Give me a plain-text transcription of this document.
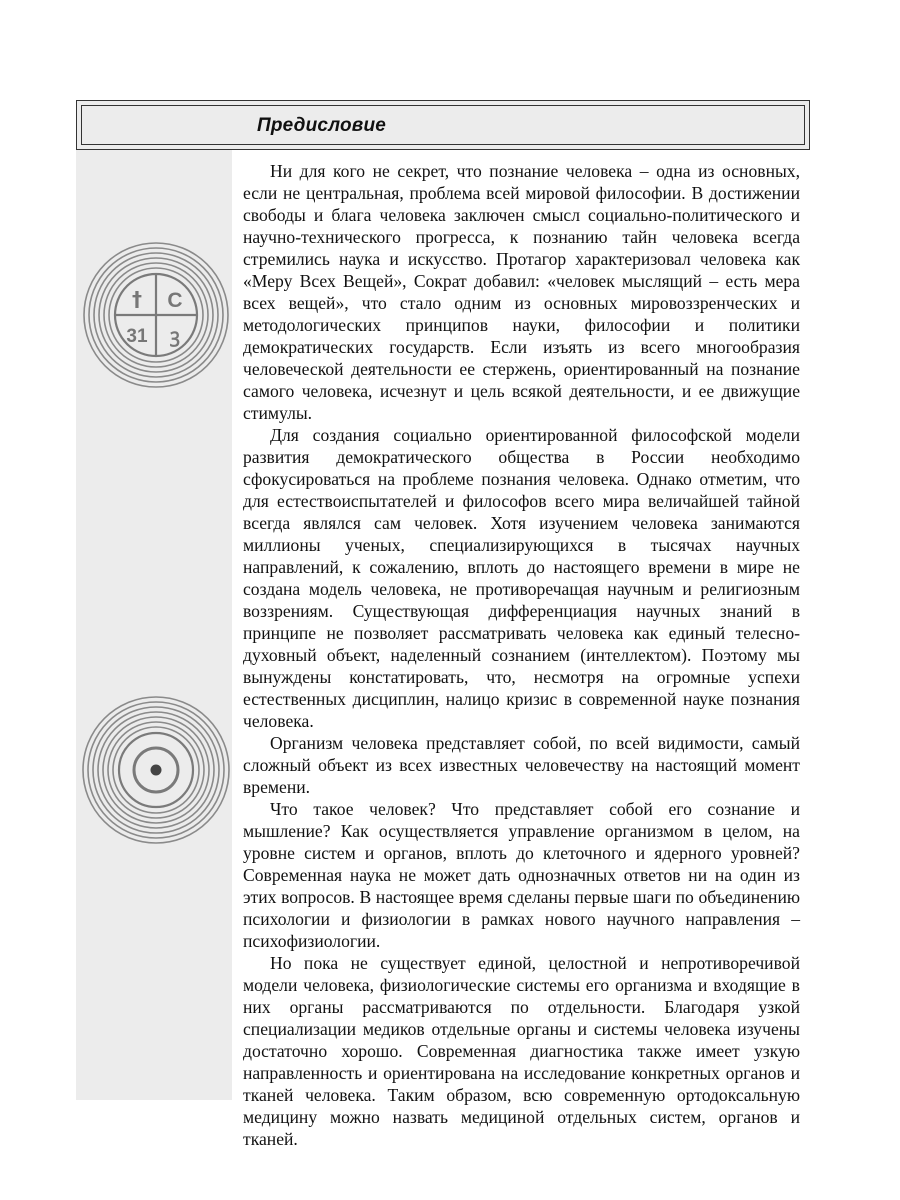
Предисловие
† С
31 ꝫ

Ни для кого не секрет, что познание человека – одна из основных, если не центральная, проблема всей мировой философии. В достижении свободы и блага человека заключен смысл социально-политического и научно-технического прогресса, к познанию тайн человека всегда стремились наука и искусство. Протагор характеризовал человека как «Меру Всех Вещей», Сократ добавил: «человек мыслящий – есть мера всех вещей», что стало одним из основных мировоззренческих и методологических принципов науки, философии и политики демократических государств. Если изъять из всего многообразия человеческой деятельности ее стержень, ориентированный на познание самого человека, исчезнут и цель всякой деятельности, и ее движущие стимулы.

Для создания социально ориентированной философской модели развития демократического общества в России необходимо сфокусироваться на проблеме познания человека. Однако отметим, что для естествоиспытателей и философов всего мира величайшей тайной всегда являлся сам человек. Хотя изучением человека занимаются миллионы ученых, специализирующихся в тысячах научных направлений, к сожалению, вплоть до настоящего времени в мире не создана модель человека, не противоречащая научным и религиозным воззрениям. Существующая дифференциация научных знаний в принципе не позволяет рассматривать человека как единый телесно-духовный объект, наделенный сознанием (интеллектом). Поэтому мы вынуждены констатировать, что, несмотря на огромные успехи естественных дисциплин, налицо кризис в современной науке познания человека.

Организм человека представляет собой, по всей видимости, самый сложный объект из всех известных человечеству на настоящий момент времени.

Что такое человек? Что представляет собой его сознание и мышление? Как осуществляется управление организмом в целом, на уровне систем и органов, вплоть до клеточного и ядерного уровней? Современная наука не может дать однозначных ответов ни на один из этих вопросов. В настоящее время сделаны первые шаги по объединению психологии и физиологии в рамках нового научного направления – психофизиологии.

Но пока не существует единой, целостной и непротиворечивой модели человека, физиологические системы его организма и входящие в них органы рассматриваются по отдельности. Благодаря узкой специализации медиков отдельные органы и системы человека изучены достаточно хорошо. Современная диагностика также имеет узкую направленность и ориентирована на исследование конкретных органов и тканей человека. Таким образом, всю современную ортодоксальную медицину можно назвать медициной отдельных систем, органов и тканей.
